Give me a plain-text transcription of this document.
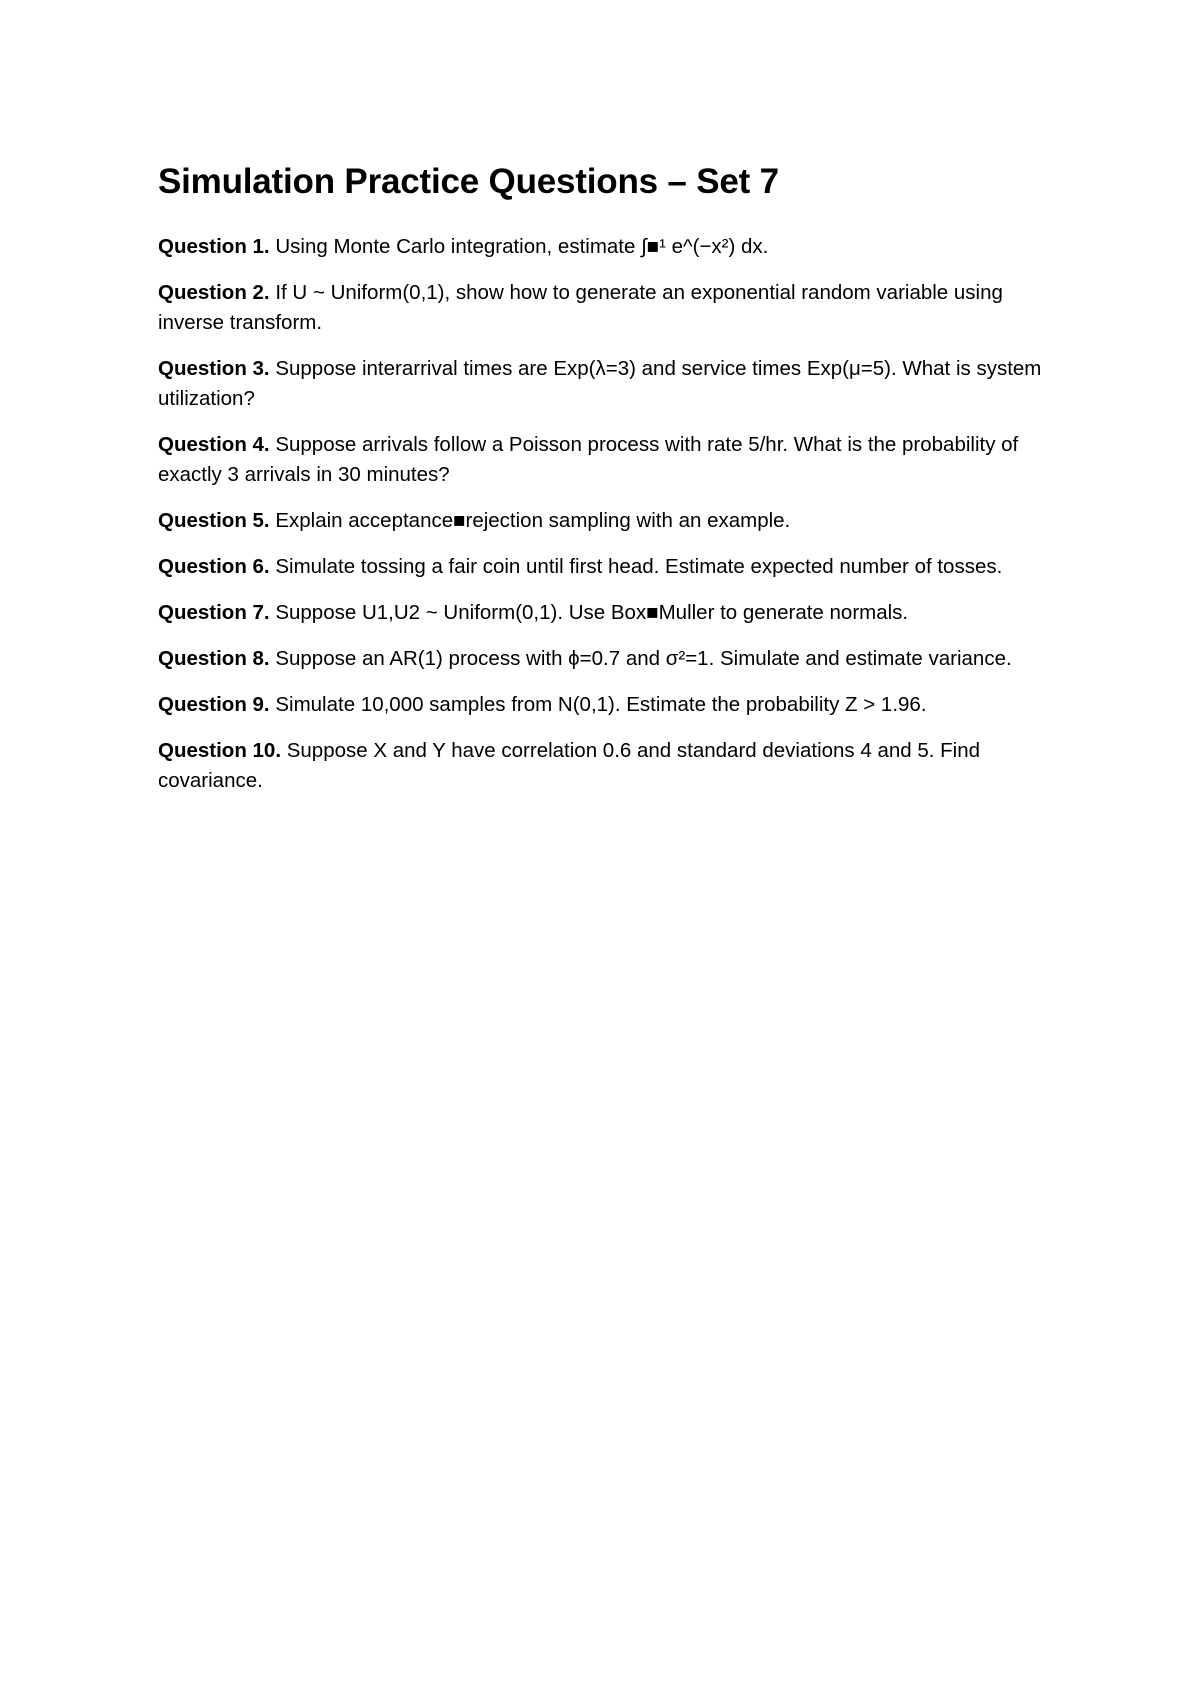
Simulation Practice Questions – Set 7

Question 1. Using Monte Carlo integration, estimate ∫■¹ e^(−x²) dx.

Question 2. If U ~ Uniform(0,1), show how to generate an exponential random variable using inverse transform.

Question 3. Suppose interarrival times are Exp(λ=3) and service times Exp(μ=5). What is system utilization?

Question 4. Suppose arrivals follow a Poisson process with rate 5/hr. What is the probability of exactly 3 arrivals in 30 minutes?

Question 5. Explain acceptance■rejection sampling with an example.

Question 6. Simulate tossing a fair coin until first head. Estimate expected number of tosses.

Question 7. Suppose U1,U2 ~ Uniform(0,1). Use Box■Muller to generate normals.

Question 8. Suppose an AR(1) process with ϕ=0.7 and σ²=1. Simulate and estimate variance.

Question 9. Simulate 10,000 samples from N(0,1). Estimate the probability Z > 1.96.

Question 10. Suppose X and Y have correlation 0.6 and standard deviations 4 and 5. Find covariance.
